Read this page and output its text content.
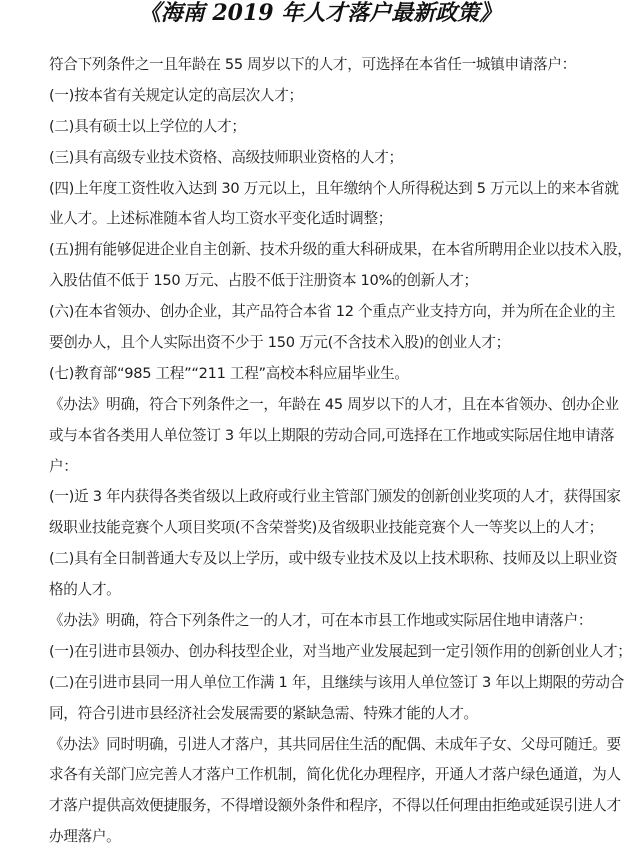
《海南 2019 年人才落户最新政策》
符合下列条件之一且年龄在 55 周岁以下的人才，可选择在本省任一城镇申请落户：
(一)按本省有关规定认定的高层次人才；
(二)具有硕士以上学位的人才；
(三)具有高级专业技术资格、高级技师职业资格的人才；
(四)上年度工资性收入达到 30 万元以上，且年缴纳个人所得税达到 5 万元以上的来本省就
业人才。上述标准随本省人均工资水平变化适时调整；
(五)拥有能够促进企业自主创新、技术升级的重大科研成果，在本省所聘用企业以技术入股，
入股估值不低于 150 万元、占股不低于注册资本 10%的创新人才；
(六)在本省领办、创办企业，其产品符合本省 12 个重点产业支持方向，并为所在企业的主
要创办人，且个人实际出资不少于 150 万元(不含技术入股)的创业人才；
(七)教育部“985 工程”“211 工程”高校本科应届毕业生。
《办法》明确，符合下列条件之一，年龄在 45 周岁以下的人才，且在本省领办、创办企业
或与本省各类用人单位签订 3 年以上期限的劳动合同,可选择在工作地或实际居住地申请落
户：
(一)近 3 年内获得各类省级以上政府或行业主管部门颁发的创新创业奖项的人才，获得国家
级职业技能竞赛个人项目奖项(不含荣誉奖)及省级职业技能竞赛个人一等奖以上的人才；
(二)具有全日制普通大专及以上学历，或中级专业技术及以上技术职称、技师及以上职业资
格的人才。
《办法》明确，符合下列条件之一的人才，可在本市县工作地或实际居住地申请落户：
(一)在引进市县领办、创办科技型企业，对当地产业发展起到一定引领作用的创新创业人才；
(二)在引进市县同一用人单位工作满 1 年，且继续与该用人单位签订 3 年以上期限的劳动合
同，符合引进市县经济社会发展需要的紧缺急需、特殊才能的人才。
《办法》同时明确，引进人才落户，其共同居住生活的配偶、未成年子女、父母可随迁。要
求各有关部门应完善人才落户工作机制，简化优化办理程序，开通人才落户绿色通道，为人
才落户提供高效便捷服务，不得增设额外条件和程序，不得以任何理由拒绝或延误引进人才
办理落户。
